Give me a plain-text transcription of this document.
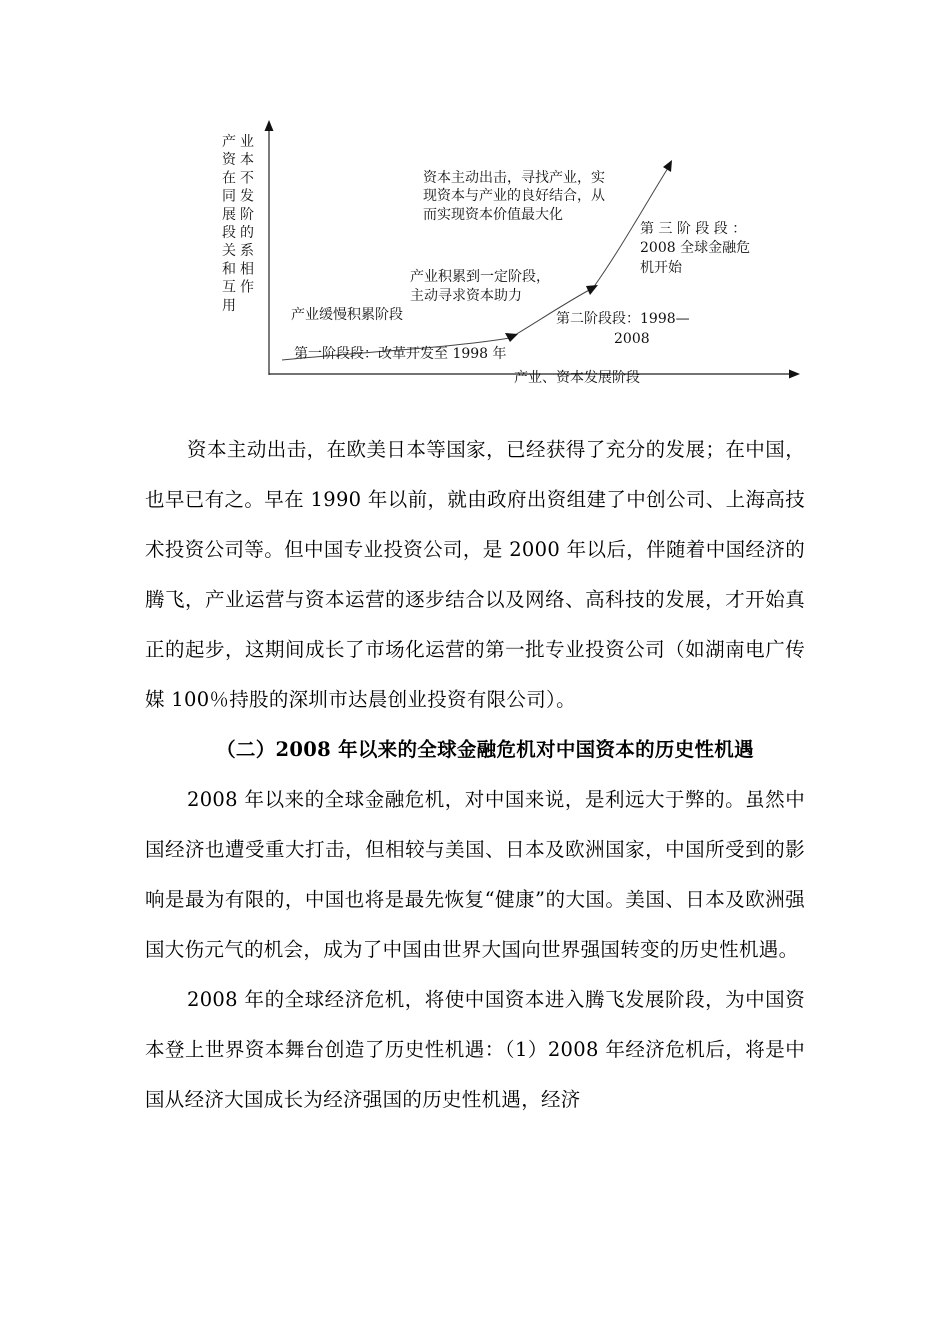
产业资本在不同发展阶段的关系和相互作用
产业、资本发展阶段
产业缓慢积累阶段
第一阶段段：改革开发至 1998 年
产业积累到一定阶段，
主动寻求资本助力
第二阶段段：1998—
2008
资本主动出击，寻找产业，实
现资本与产业的良好结合，从
而实现资本价值最大化
第 三 阶 段 段 ：
2008 全球金融危
机开始

资本主动出击，在欧美日本等国家，已经获得了充分的发展；在中国，也早已有之。早在 1990 年以前，就由政府出资组建了中创公司、上海高技术投资公司等。但中国专业投资公司，是 2000 年以后，伴随着中国经济的腾飞，产业运营与资本运营的逐步结合以及网络、高科技的发展，才开始真正的起步，这期间成长了市场化运营的第一批专业投资公司（如湖南电广传媒 100％持股的深圳市达晨创业投资有限公司）。

（二）2008 年以来的全球金融危机对中国资本的历史性机遇

2008 年以来的全球金融危机，对中国来说，是利远大于弊的。虽然中国经济也遭受重大打击，但相较与美国、日本及欧洲国家，中国所受到的影响是最为有限的，中国也将是最先恢复“健康”的大国。美国、日本及欧洲强国大伤元气的机会，成为了中国由世界大国向世界强国转变的历史性机遇。

2008 年的全球经济危机，将使中国资本进入腾飞发展阶段，为中国资本登上世界资本舞台创造了历史性机遇：（1）2008 年经济危机后，将是中国从经济大国成长为经济强国的历史性机遇，经济
